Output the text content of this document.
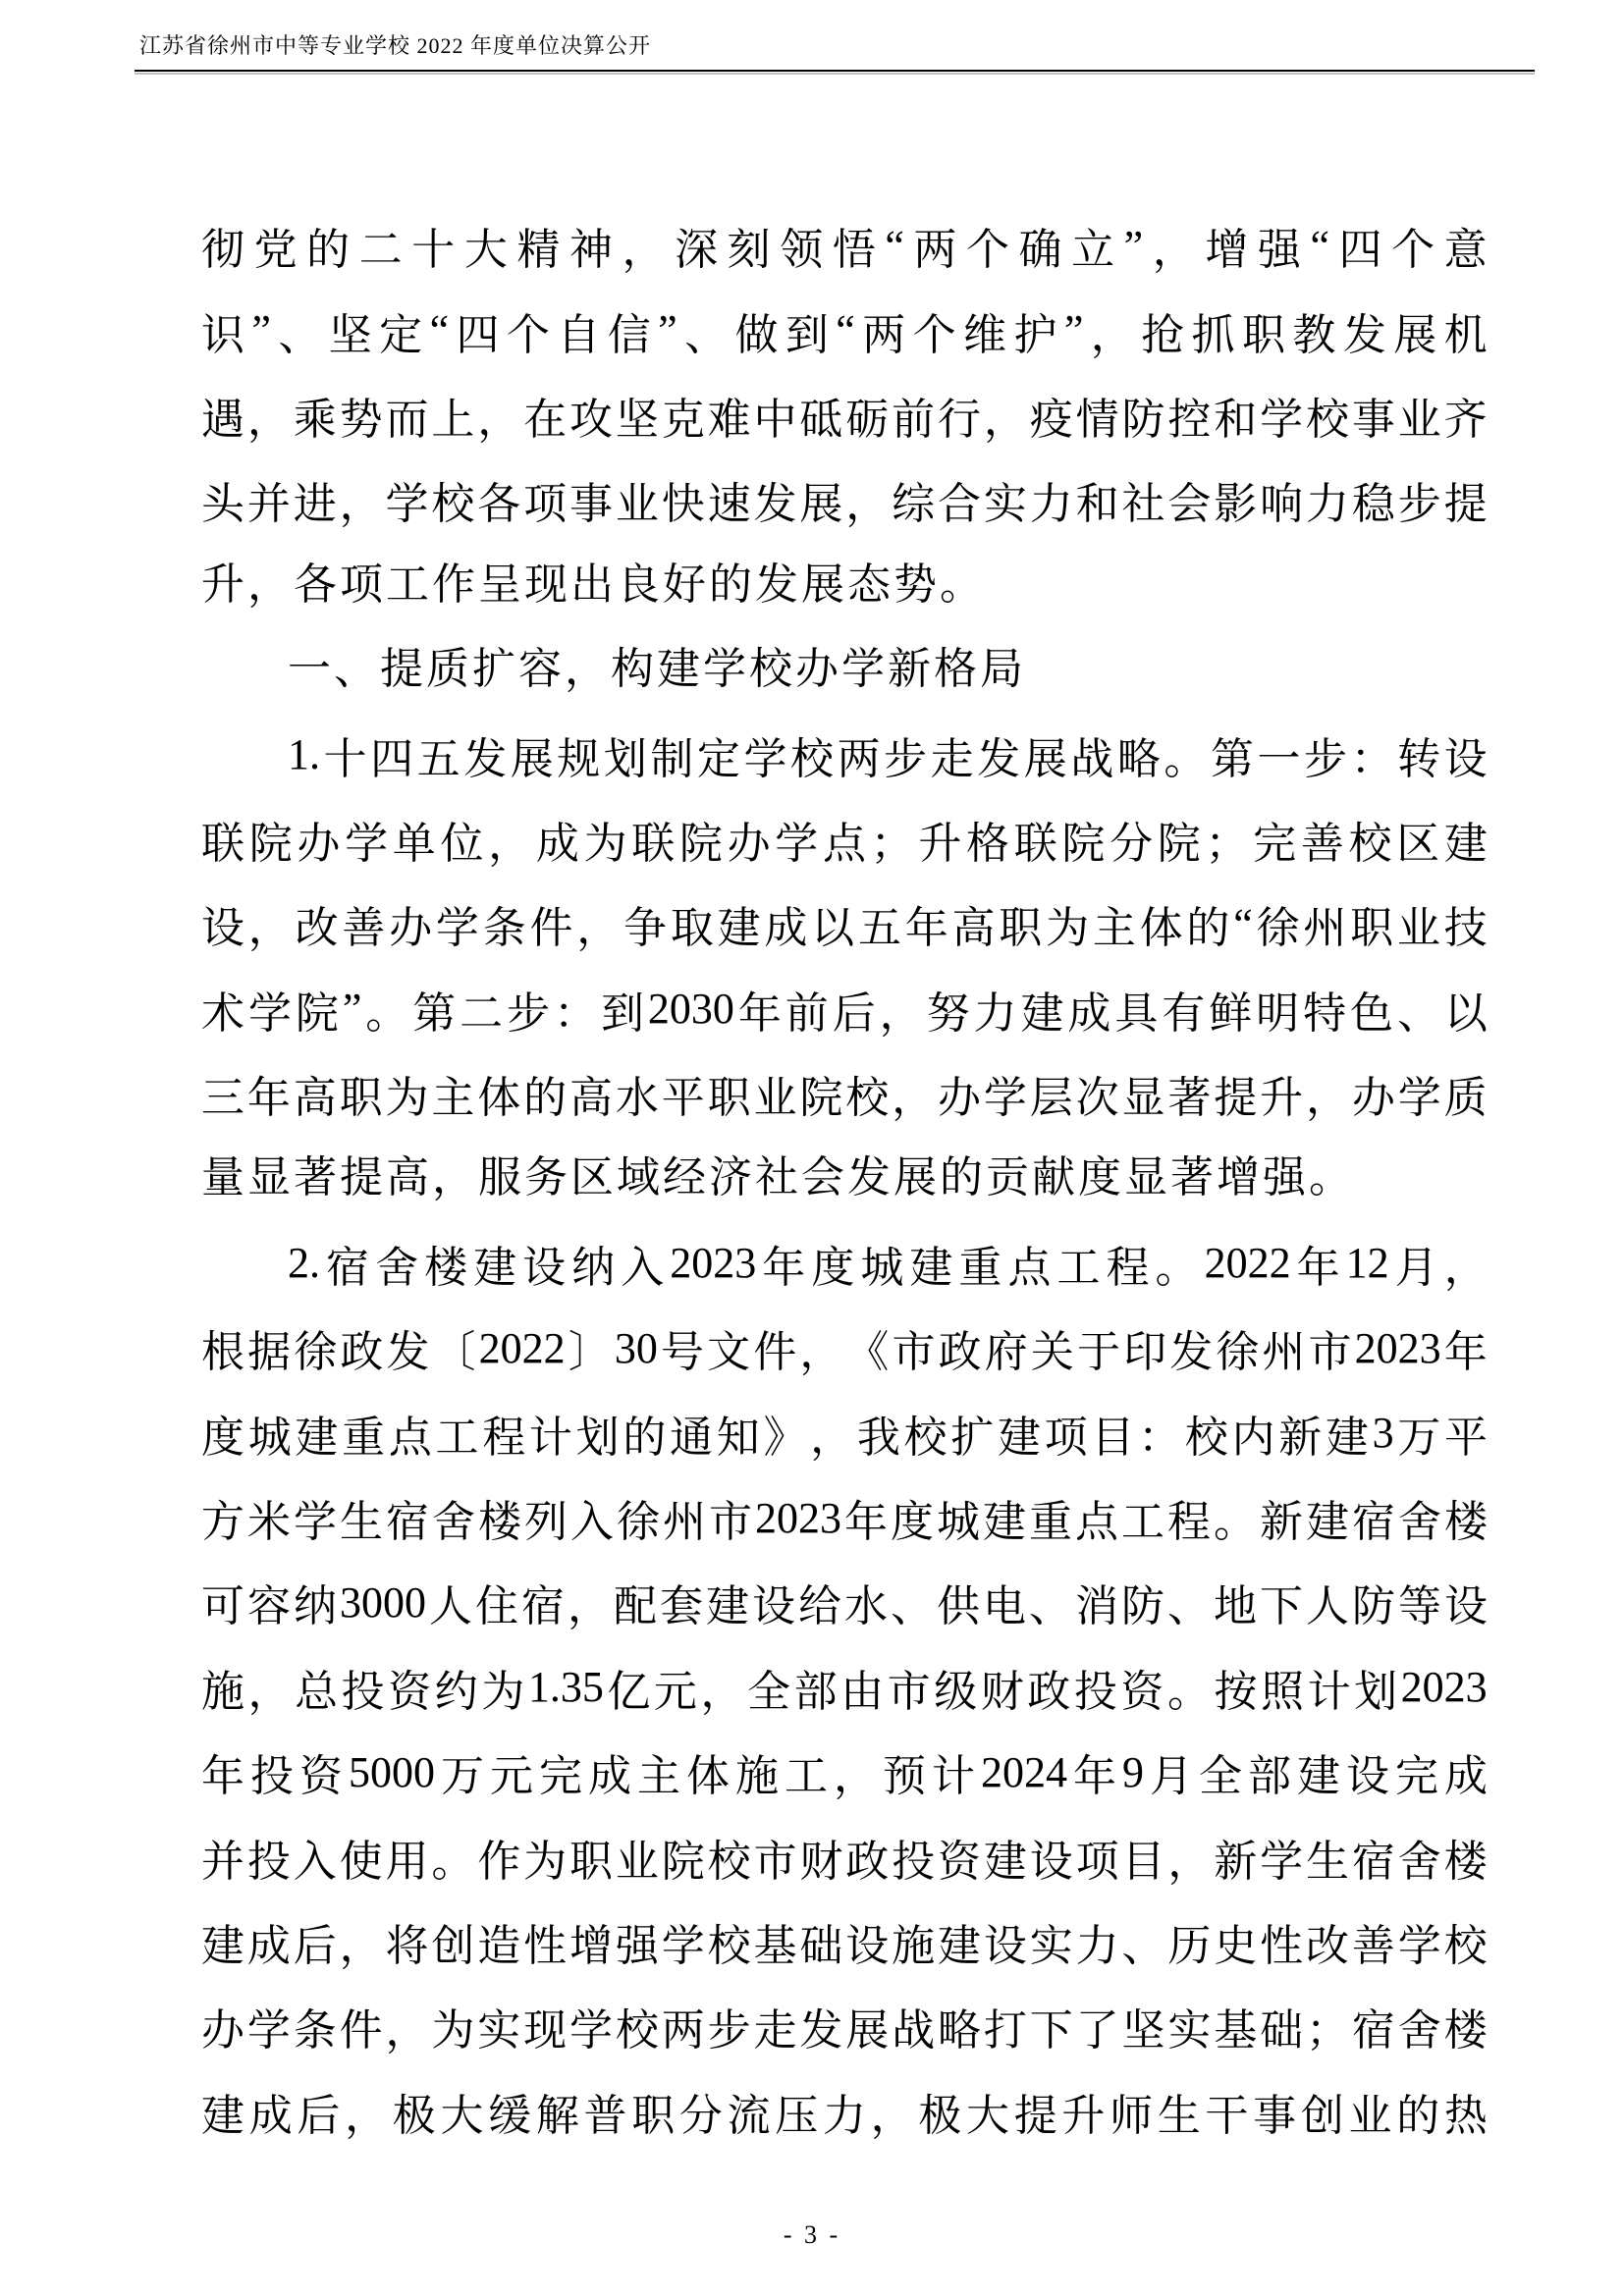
江苏省徐州市中等专业学校 2022 年度单位决算公开
彻 党 的 二 十 大 精 神 ， 深 刻 领 悟 “ 两 个 确 立 ” ， 增 强 “ 四 个 意
识 ” 、 坚 定 “ 四 个 自 信 ” 、 做 到 “ 两 个 维 护 ” ， 抢 抓 职 教 发 展 机
遇 ， 乘 势 而 上 ， 在 攻 坚 克 难 中 砥 砺 前 行 ， 疫 情 防 控 和 学 校 事 业 齐
头 并 进 ， 学 校 各 项 事 业 快 速 发 展 ， 综 合 实 力 和 社 会 影 响 力 稳 步 提
升，各项工作呈现出良好的发展态势。
一、提质扩容，构建学校办学新格局
1. 十 四 五 发 展 规 划 制 定 学 校 两 步 走 发 展 战 略 。 第 一 步 ： 转 设
联 院 办 学 单 位 ， 成 为 联 院 办 学 点 ； 升 格 联 院 分 院 ； 完 善 校 区 建
设 ， 改 善 办 学 条 件 ， 争 取 建 成 以 五 年 高 职 为 主 体 的 “ 徐 州 职 业 技
术 学 院 ” 。 第 二 步 ： 到 2030 年 前 后 ， 努 力 建 成 具 有 鲜 明 特 色 、 以
三 年 高 职 为 主 体 的 高 水 平 职 业 院 校 ， 办 学 层 次 显 著 提 升 ， 办 学 质
量显著提高，服务区域经济社会发展的贡献度显著增强。
2. 宿 舍 楼 建 设 纳 入 2023 年 度 城 建 重 点 工 程 。 2022 年 12 月 ，
根 据 徐 政 发 〔 2022 〕 30 号 文 件 ， 《 市 政 府 关 于 印 发 徐 州 市 2023 年
度 城 建 重 点 工 程 计 划 的 通 知 》 ， 我 校 扩 建 项 目 ： 校 内 新 建 3 万 平
方 米 学 生 宿 舍 楼 列 入 徐 州 市 2023 年 度 城 建 重 点 工 程 。 新 建 宿 舍 楼
可 容 纳 3000 人 住 宿 ， 配 套 建 设 给 水 、 供 电 、 消 防 、 地 下 人 防 等 设
施 ， 总 投 资 约 为 1.35 亿 元 ， 全 部 由 市 级 财 政 投 资 。 按 照 计 划 2023
年 投 资 5000 万 元 完 成 主 体 施 工 ， 预 计 2024 年 9 月 全 部 建 设 完 成
并 投 入 使 用 。 作 为 职 业 院 校 市 财 政 投 资 建 设 项 目 ， 新 学 生 宿 舍 楼
建 成 后 ， 将 创 造 性 增 强 学 校 基 础 设 施 建 设 实 力 、 历 史 性 改 善 学 校
办 学 条 件 ， 为 实 现 学 校 两 步 走 发 展 战 略 打 下 了 坚 实 基 础 ； 宿 舍 楼
建 成 后 ， 极 大 缓 解 普 职 分 流 压 力 ， 极 大 提 升 师 生 干 事 创 业 的 热
- 3 -
